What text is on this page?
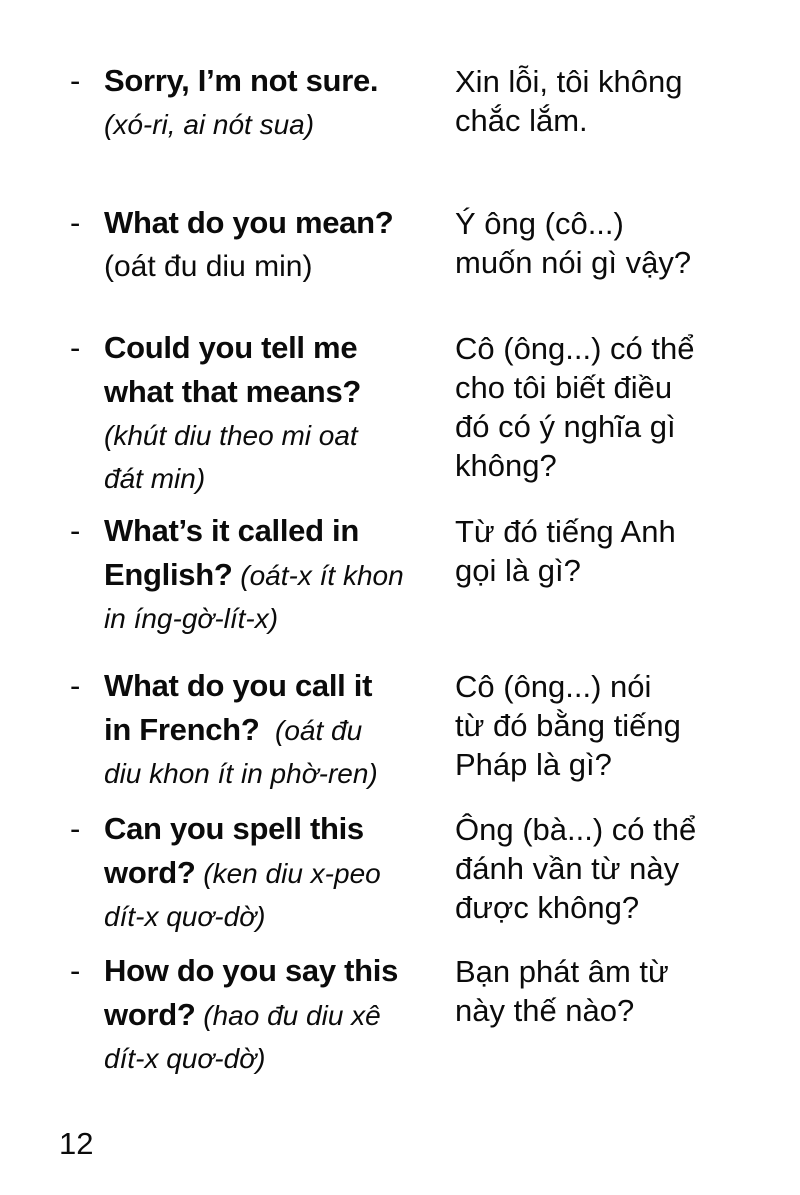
- Sorry, I’m not sure.
(xó-ri, ai nót sua)
Xin lỗi, tôi không
chắc lắm.
- What do you mean?
(oát đu diu min)
Ý ông (cô...)
muốn nói gì vậy?
- Could you tell me
what that means?
(khút diu theo mi oat
đát min)
Cô (ông...) có thể
cho tôi biết điều
đó có ý nghĩa gì
không?
- What’s it called in
English? (oát-x ít khon
in íng-gờ-lít-x)
Từ đó tiếng Anh
gọi là gì?
- What do you call it
in French?  (oát đu
diu khon ít in phờ-ren)
Cô (ông...) nói
từ đó bằng tiếng
Pháp là gì?
- Can you spell this
word? (ken diu x-peo
dít-x quơ-dờ)
Ông (bà...) có thể
đánh vần từ này
được không?
- How do you say this
word? (hao đu diu xê
dít-x quơ-dờ)
Bạn phát âm từ
này thế nào?
12
